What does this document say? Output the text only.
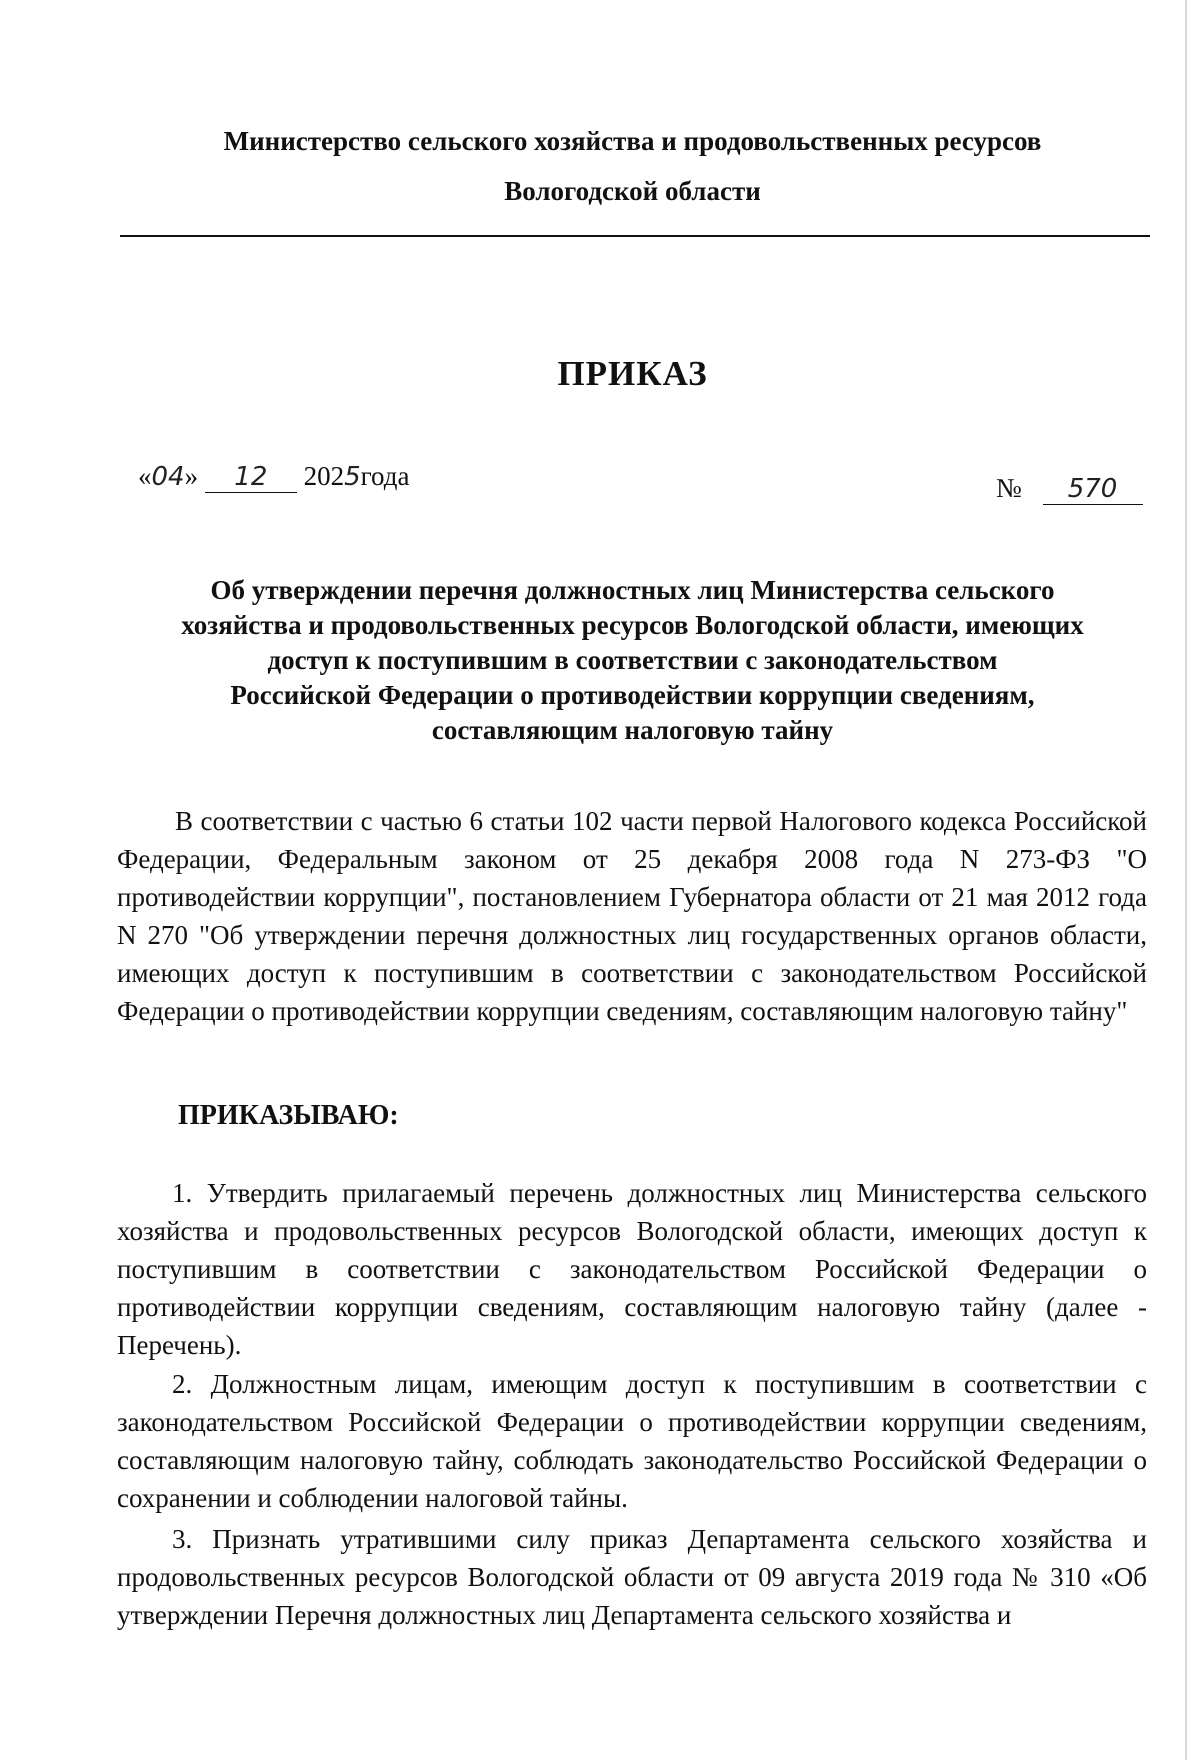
Министерство сельского хозяйства и продовольственных ресурсов
Вологодской области
ПРИКАЗ
«04» 12 2025года	№ 570
Об утверждении перечня должностных лиц Министерства сельского
хозяйства и продовольственных ресурсов Вологодской области, имеющих
доступ к поступившим в соответствии с законодательством
Российской Федерации о противодействии коррупции сведениям,
составляющим налоговую тайну
В соответствии с частью 6 статьи 102 части первой Налогового кодекса Российской Федерации, Федеральным законом от 25 декабря 2008 года N 273-ФЗ "О противодействии коррупции", постановлением Губернатора области от 21 мая 2012 года N 270 "Об утверждении перечня должностных лиц государственных органов области, имеющих доступ к поступившим в соответствии с законодательством Российской Федерации о противодействии коррупции сведениям, составляющим налоговую тайну"
ПРИКАЗЫВАЮ:
1. Утвердить прилагаемый перечень должностных лиц Министерства сельского хозяйства и продовольственных ресурсов Вологодской области, имеющих доступ к поступившим в соответствии с законодательством Российской Федерации о противодействии коррупции сведениям, составляющим налоговую тайну (далее - Перечень).
2. Должностным лицам, имеющим доступ к поступившим в соответствии с законодательством Российской Федерации о противодействии коррупции сведениям, составляющим налоговую тайну, соблюдать законодательство Российской Федерации о сохранении и соблюдении налоговой тайны.
3. Признать утратившими силу приказ Департамента сельского хозяйства и продовольственных ресурсов Вологодской области от 09 августа 2019 года № 310 «Об утверждении Перечня должностных лиц Департамента сельского хозяйства и
